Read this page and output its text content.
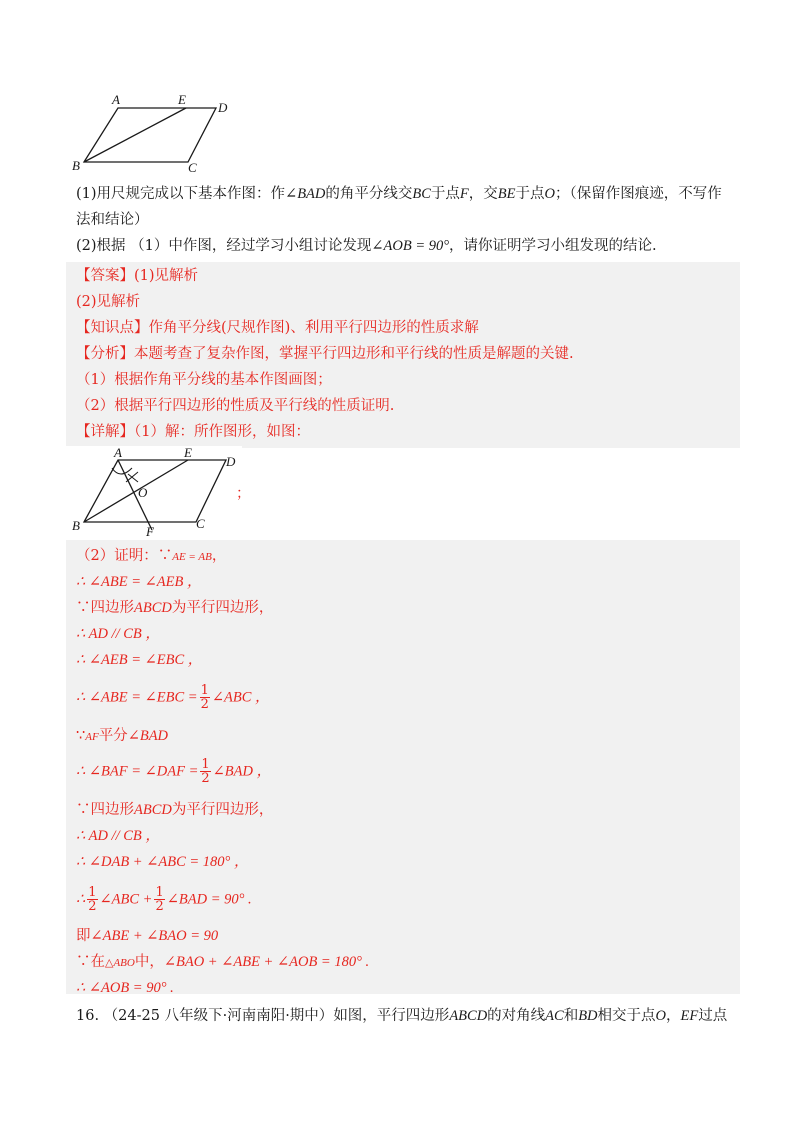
A	E
D
B	C
(1)用尺规完成以下基本作图：作∠BAD的角平分线交BC于点F，交BE于点O；（保留作图痕迹，不写作
法和结论）
(2)根据 （1）中作图，经过学习小组讨论发现∠AOB = 90°，请你证明学习小组发现的结论.
【答案】(1)见解析
(2)见解析
【知识点】作角平分线(尺规作图)、利用平行四边形的性质求解
【分析】本题考查了复杂作图，掌握平行四边形和平行线的性质是解题的关键.
（1）根据作角平分线的基本作图画图；
（2）根据平行四边形的性质及平行线的性质证明.
【详解】（1）解：所作图形，如图：
A	E
D
O
B	F
C
；
（2）证明：∵AE = AB，
∴ ∠ABE = ∠AEB ，
∵四边形ABCD为平行四边形，
∴ AD // CB ，
∴ ∠AEB = ∠EBC ，
∴ ∠ABE = ∠EBC = $\frac{1}{2}$ ∠ABC ，
∵AF平分∠BAD
∴ ∠BAF = ∠DAF = $\frac{1}{2}$ ∠BAD ，
∵四边形ABCD为平行四边形，
∴ AD // CB ，
∴ ∠DAB + ∠ABC = 180° ，
∴ $\frac{1}{2}$ ∠ABC + $\frac{1}{2}$ ∠BAD = 90° .
即∠ABE + ∠BAO = 90
∵在△ABO中，∠BAO + ∠ABE + ∠AOB = 180° .
∴ ∠AOB = 90° .
16. （24-25 八年级下·河南南阳·期中）如图，平行四边形ABCD的对角线AC和BD相交于点O，EF过点
